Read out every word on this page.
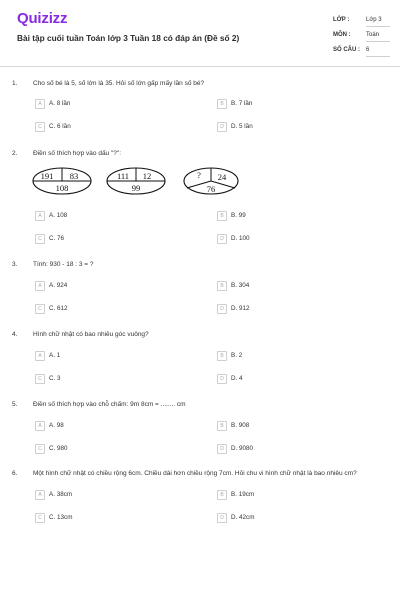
Quizizz
Bài tập cuối tuần Toán lớp 3 Tuần 18 có đáp án (Đề số 2)
LỚP :	Lớp 3
MÔN :	Toán
SỐ CÂU : 6
1. Cho số bé là 5, số lớn là 35. Hỏi số lớn gấp mấy lần số bé?
A	A. 8 lần	B	B. 7 lần
C	C. 6 lần	D	D. 5 lần
2. Điền số thích hợp vào dấu "?":
191 83
108
111 12
99
? 24
76
A	A. 108	B	B. 99
C	C. 76	D	D. 100
3. Tính: 930 - 18 : 3 = ?
A	A. 924	B	B. 304
C	C. 612	D	D. 912
4. Hình chữ nhật có bao nhiêu góc vuông?
A	A. 1	B	B. 2
C	C. 3	D	D. 4
5. Điền số thích hợp vào chỗ chấm: 9m 8cm = ........ cm
A	A. 98	B	B. 908
C	C. 980	D	D. 9080
6. Một hình chữ nhật có chiều rộng 6cm. Chiều dài hơn chiều rộng 7cm. Hỏi chu vi hình chữ nhật là bao nhiêu cm?
A	A. 38cm	B	B. 19cm
C	C. 13cm	D	D. 42cm
